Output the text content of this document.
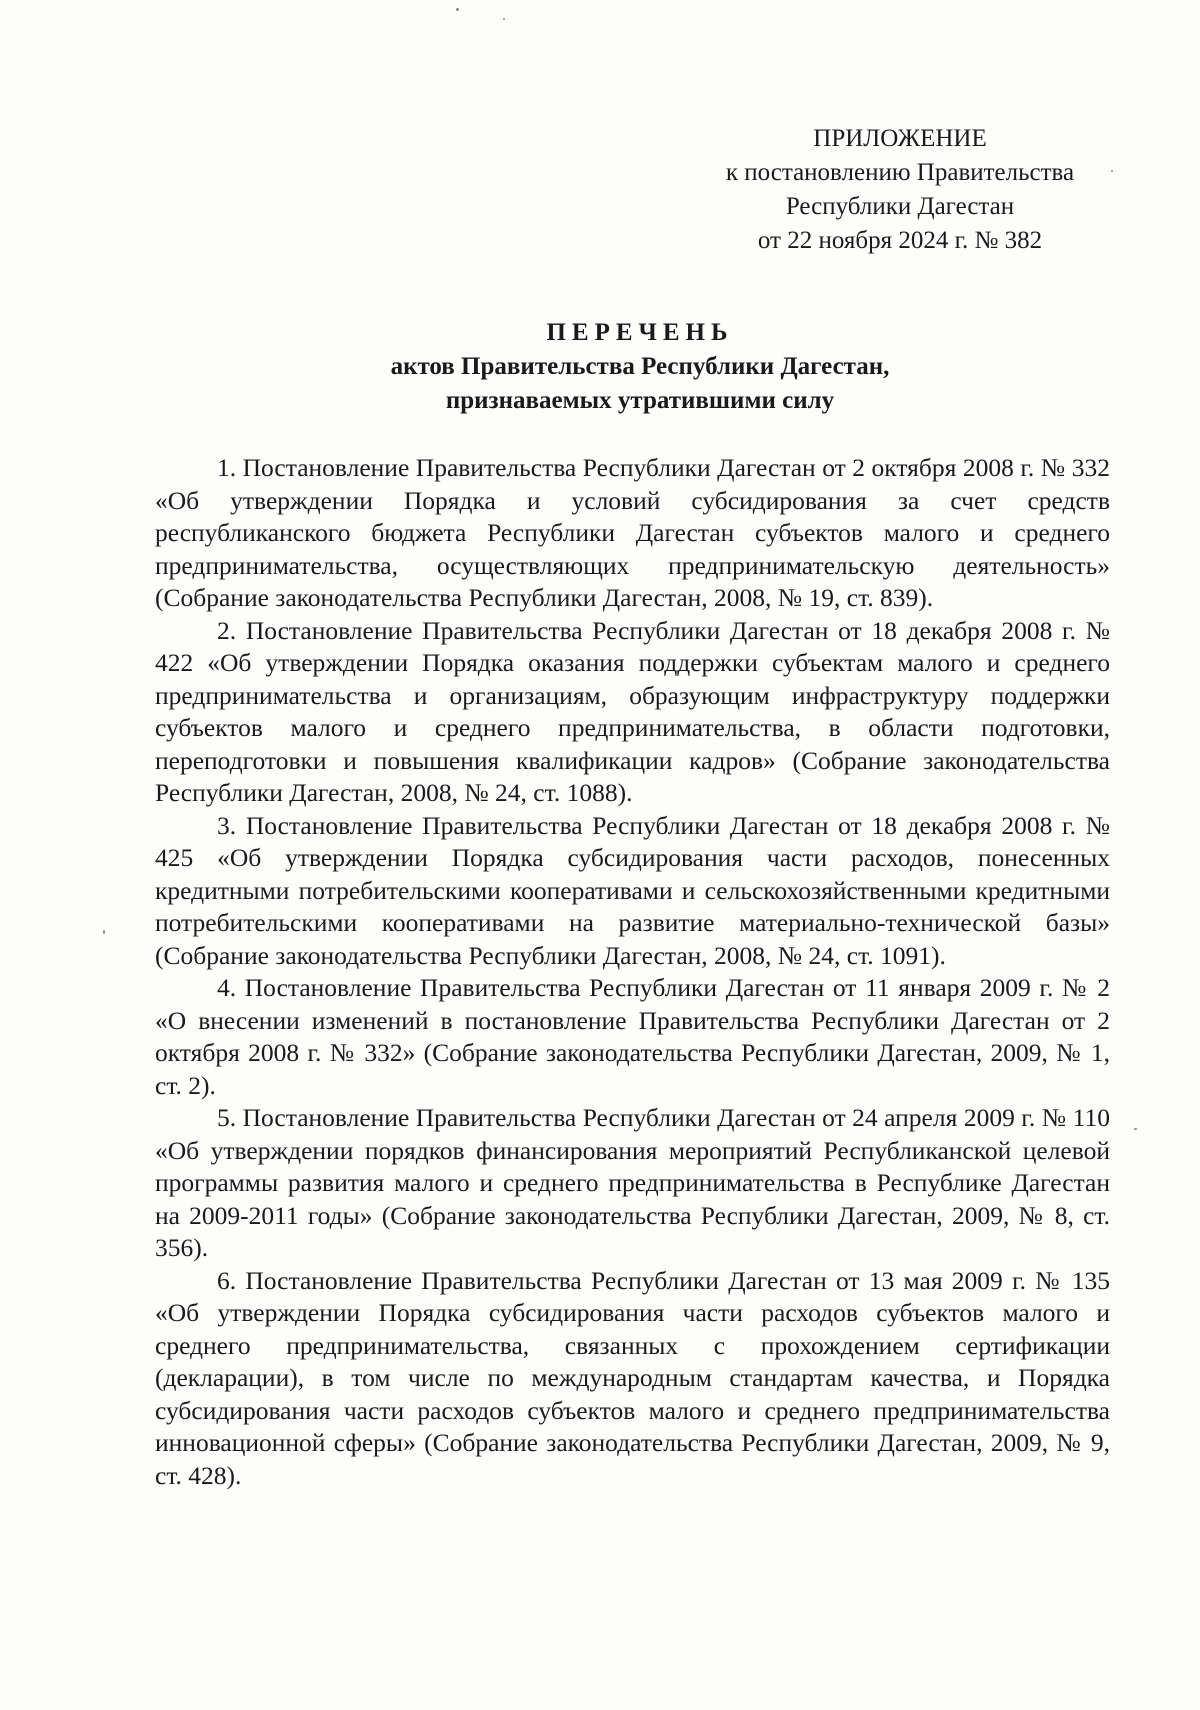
ПРИЛОЖЕНИЕ
к постановлению Правительства
Республики Дагестан
от 22 ноября 2024 г. № 382
ПЕРЕЧЕНЬ
актов Правительства Республики Дагестан,
признаваемых утратившими силу

1. Постановление Правительства Республики Дагестан от 2 октября 2008 г. № 332 «Об утверждении Порядка и условий субсидирования за счет средств республиканского бюджета Республики Дагестан субъектов малого и среднего предпринимательства, осуществляющих предпринимательскую деятельность» (Собрание законодательства Республики Дагестан, 2008, № 19, ст. 839).

2. Постановление Правительства Республики Дагестан от 18 декабря 2008 г. № 422 «Об утверждении Порядка оказания поддержки субъектам малого и среднего предпринимательства и организациям, образующим инфраструктуру поддержки субъектов малого и среднего предпринимательства, в области подготовки, переподготовки и повышения квалификации кадров» (Собрание законодательства Республики Дагестан, 2008, № 24, ст. 1088).

3. Постановление Правительства Республики Дагестан от 18 декабря 2008 г. № 425 «Об утверждении Порядка субсидирования части расходов, понесенных кредитными потребительскими кооперативами и сельскохозяйственными кредитными потребительскими кооперативами на развитие материально-технической базы» (Собрание законодательства Республики Дагестан, 2008, № 24, ст. 1091).

4. Постановление Правительства Республики Дагестан от 11 января 2009 г. № 2 «О внесении изменений в постановление Правительства Республики Дагестан от 2 октября 2008 г. № 332» (Собрание законодательства Республики Дагестан, 2009, № 1, ст. 2).

5. Постановление Правительства Республики Дагестан от 24 апреля 2009 г. № 110 «Об утверждении порядков финансирования мероприятий Республиканской целевой программы развития малого и среднего предпринимательства в Республике Дагестан на 2009-2011 годы» (Собрание законодательства Республики Дагестан, 2009, № 8, ст. 356).

6. Постановление Правительства Республики Дагестан от 13 мая 2009 г. № 135 «Об утверждении Порядка субсидирования части расходов субъектов малого и среднего предпринимательства, связанных с прохождением сертификации (декларации), в том числе по международным стандартам качества, и Порядка субсидирования части расходов субъектов малого и среднего предпринимательства инновационной сферы» (Собрание законодательства Республики Дагестан, 2009, № 9, ст. 428).
